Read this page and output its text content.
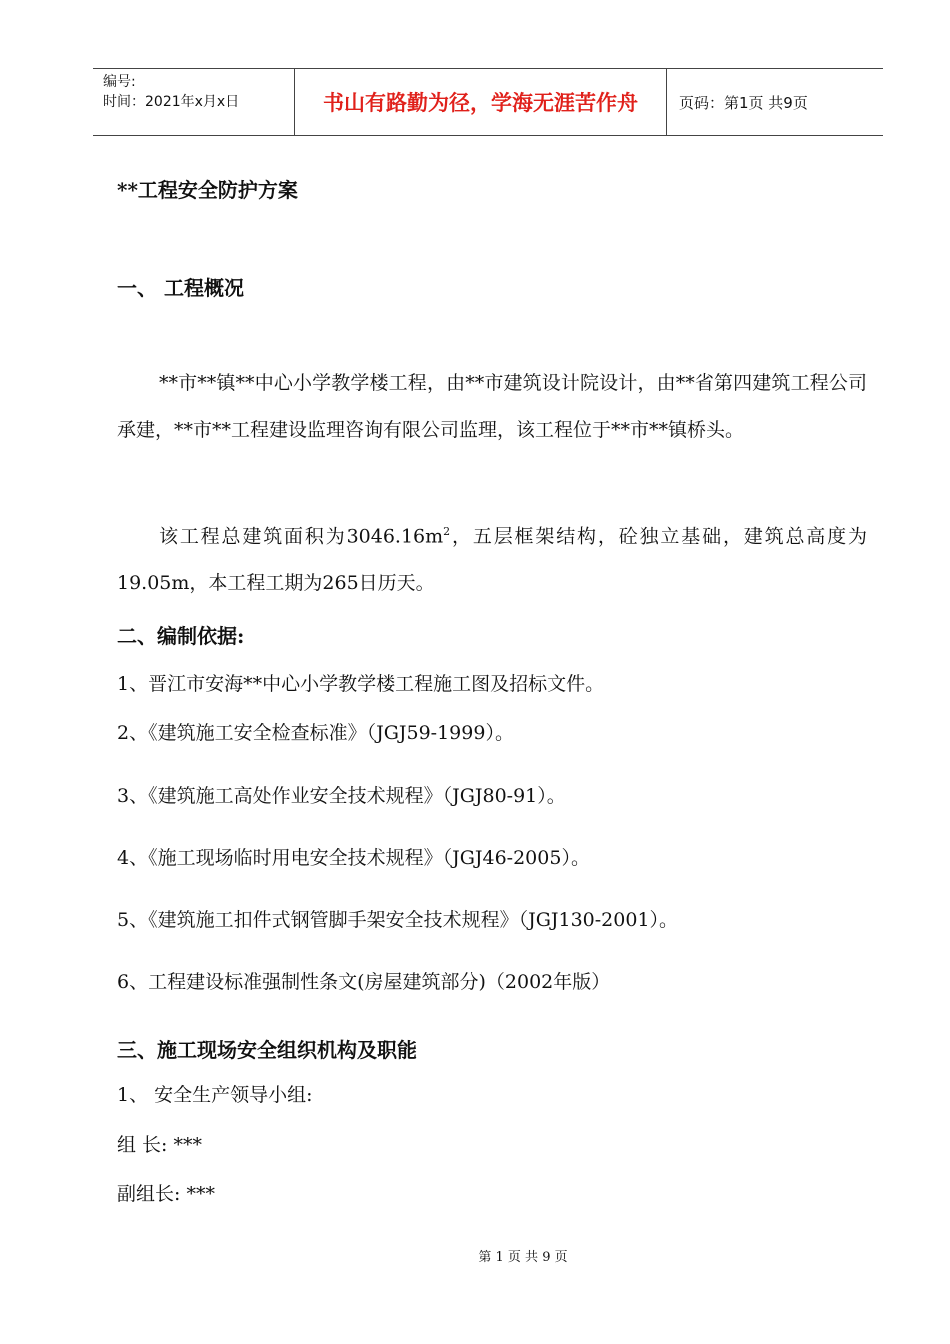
编号:
时间：2021年x月x日	书山有路勤为径，学海无涯苦作舟	页码：第1页 共9页
**工程安全防护方案
一、 工程概况
**市**镇**中心小学教学楼工程，由**市建筑设计院设计，由**省第四建筑工程公司承建，**市**工程建设监理咨询有限公司监理，该工程位于**市**镇桥头。
该工程总建筑面积为$3046.16m^2$，五层框架结构，砼独立基础，建筑总高度为19.05m，本工程工期为265日历天。
二、编制依据:
1、晋江市安海**中心小学教学楼工程施工图及招标文件。
2、《建筑施工安全检查标准》（JGJ59-1999）。
3、《建筑施工高处作业安全技术规程》（JGJ80-91）。
4、《施工现场临时用电安全技术规程》（JGJ46-2005）。
5、《建筑施工扣件式钢管脚手架安全技术规程》（JGJ130-2001）。
6、工程建设标准强制性条文(房屋建筑部分)（2002年版）
三、施工现场安全组织机构及职能
1、 安全生产领导小组:
组 长: ***
副组长: ***
第 1 页 共 9 页
